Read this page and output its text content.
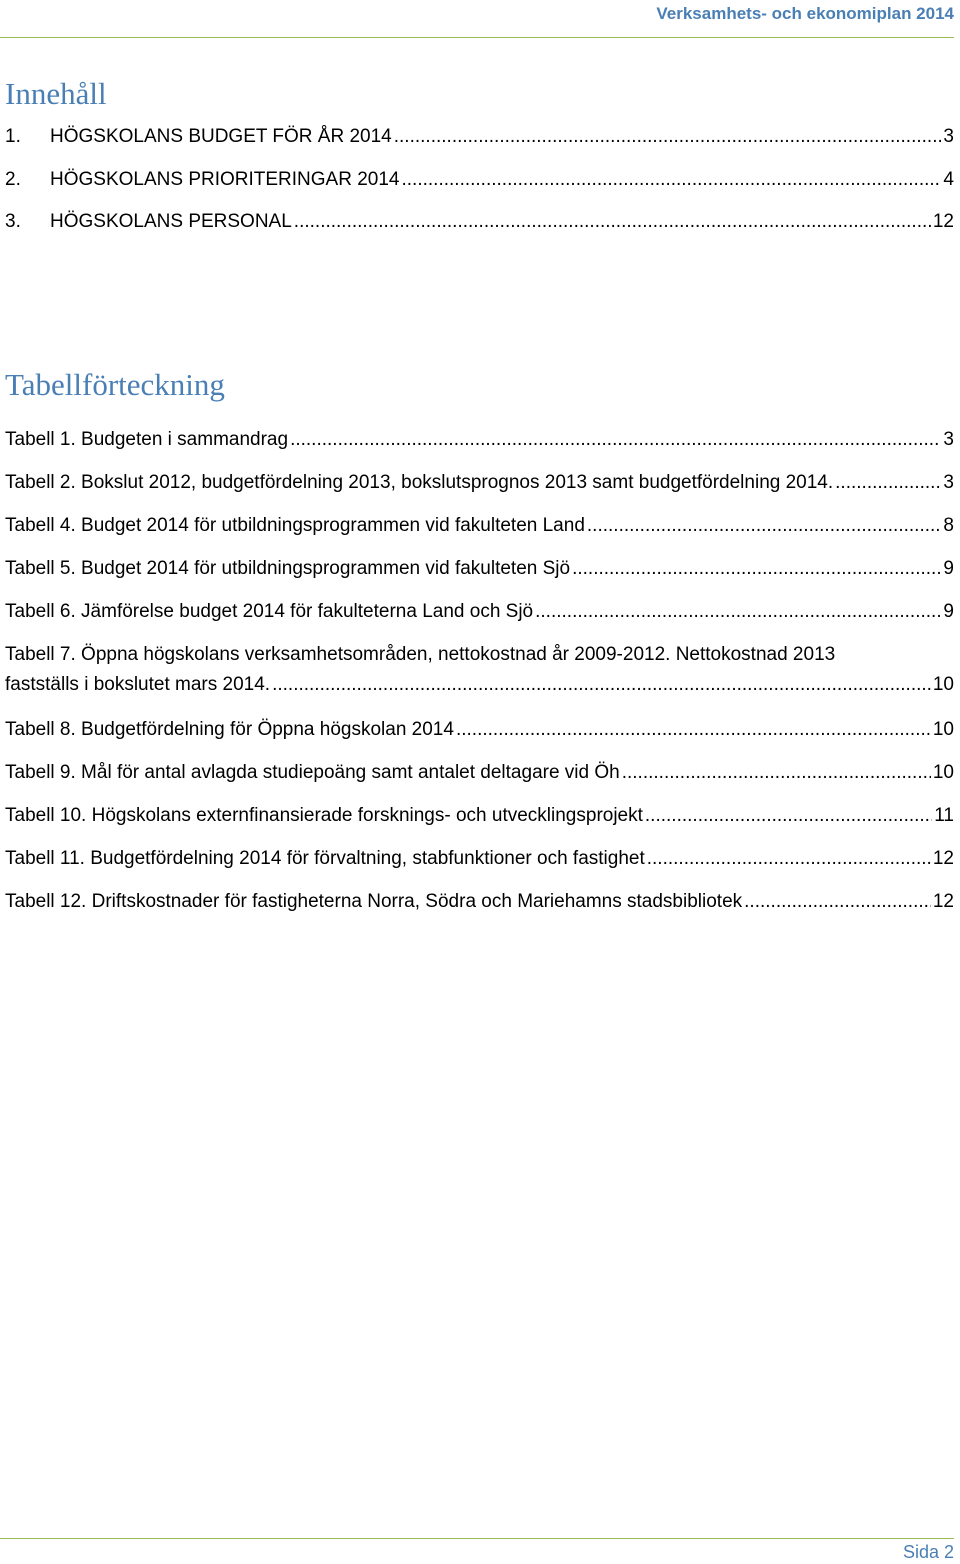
Verksamhets- och ekonomiplan 2014
Innehåll
1.	HÖGSKOLANS BUDGET FÖR ÅR 2014 .....	3
2.	HÖGSKOLANS PRIORITERINGAR 2014 .....	4
3.	HÖGSKOLANS PERSONAL .....	12
Tabellförteckning
Tabell 1. Budgeten i sammandrag .....	3
Tabell 2. Bokslut 2012, budgetfördelning 2013, bokslutsprognos 2013 samt budgetfördelning 2014. .....	3
Tabell 4. Budget 2014 för utbildningsprogrammen vid fakulteten Land .....	8
Tabell 5. Budget 2014 för utbildningsprogrammen vid fakulteten Sjö .....	9
Tabell 6. Jämförelse budget 2014 för fakulteterna Land och Sjö .....	9
Tabell 7. Öppna högskolans verksamhetsområden, nettokostnad år 2009-2012. Nettokostnad 2013
fastställs i bokslutet mars 2014. .....	10
Tabell 8. Budgetfördelning för Öppna högskolan 2014 .....	10
Tabell 9. Mål för antal avlagda studiepoäng samt antalet deltagare vid Öh .....	10
Tabell 10. Högskolans externfinansierade forsknings- och utvecklingsprojekt .....	11
Tabell 11. Budgetfördelning 2014 för förvaltning, stabfunktioner och fastighet .....	12
Tabell 12. Driftskostnader för fastigheterna Norra, Södra och Mariehamns stadsbibliotek .....	12
Sida 2
